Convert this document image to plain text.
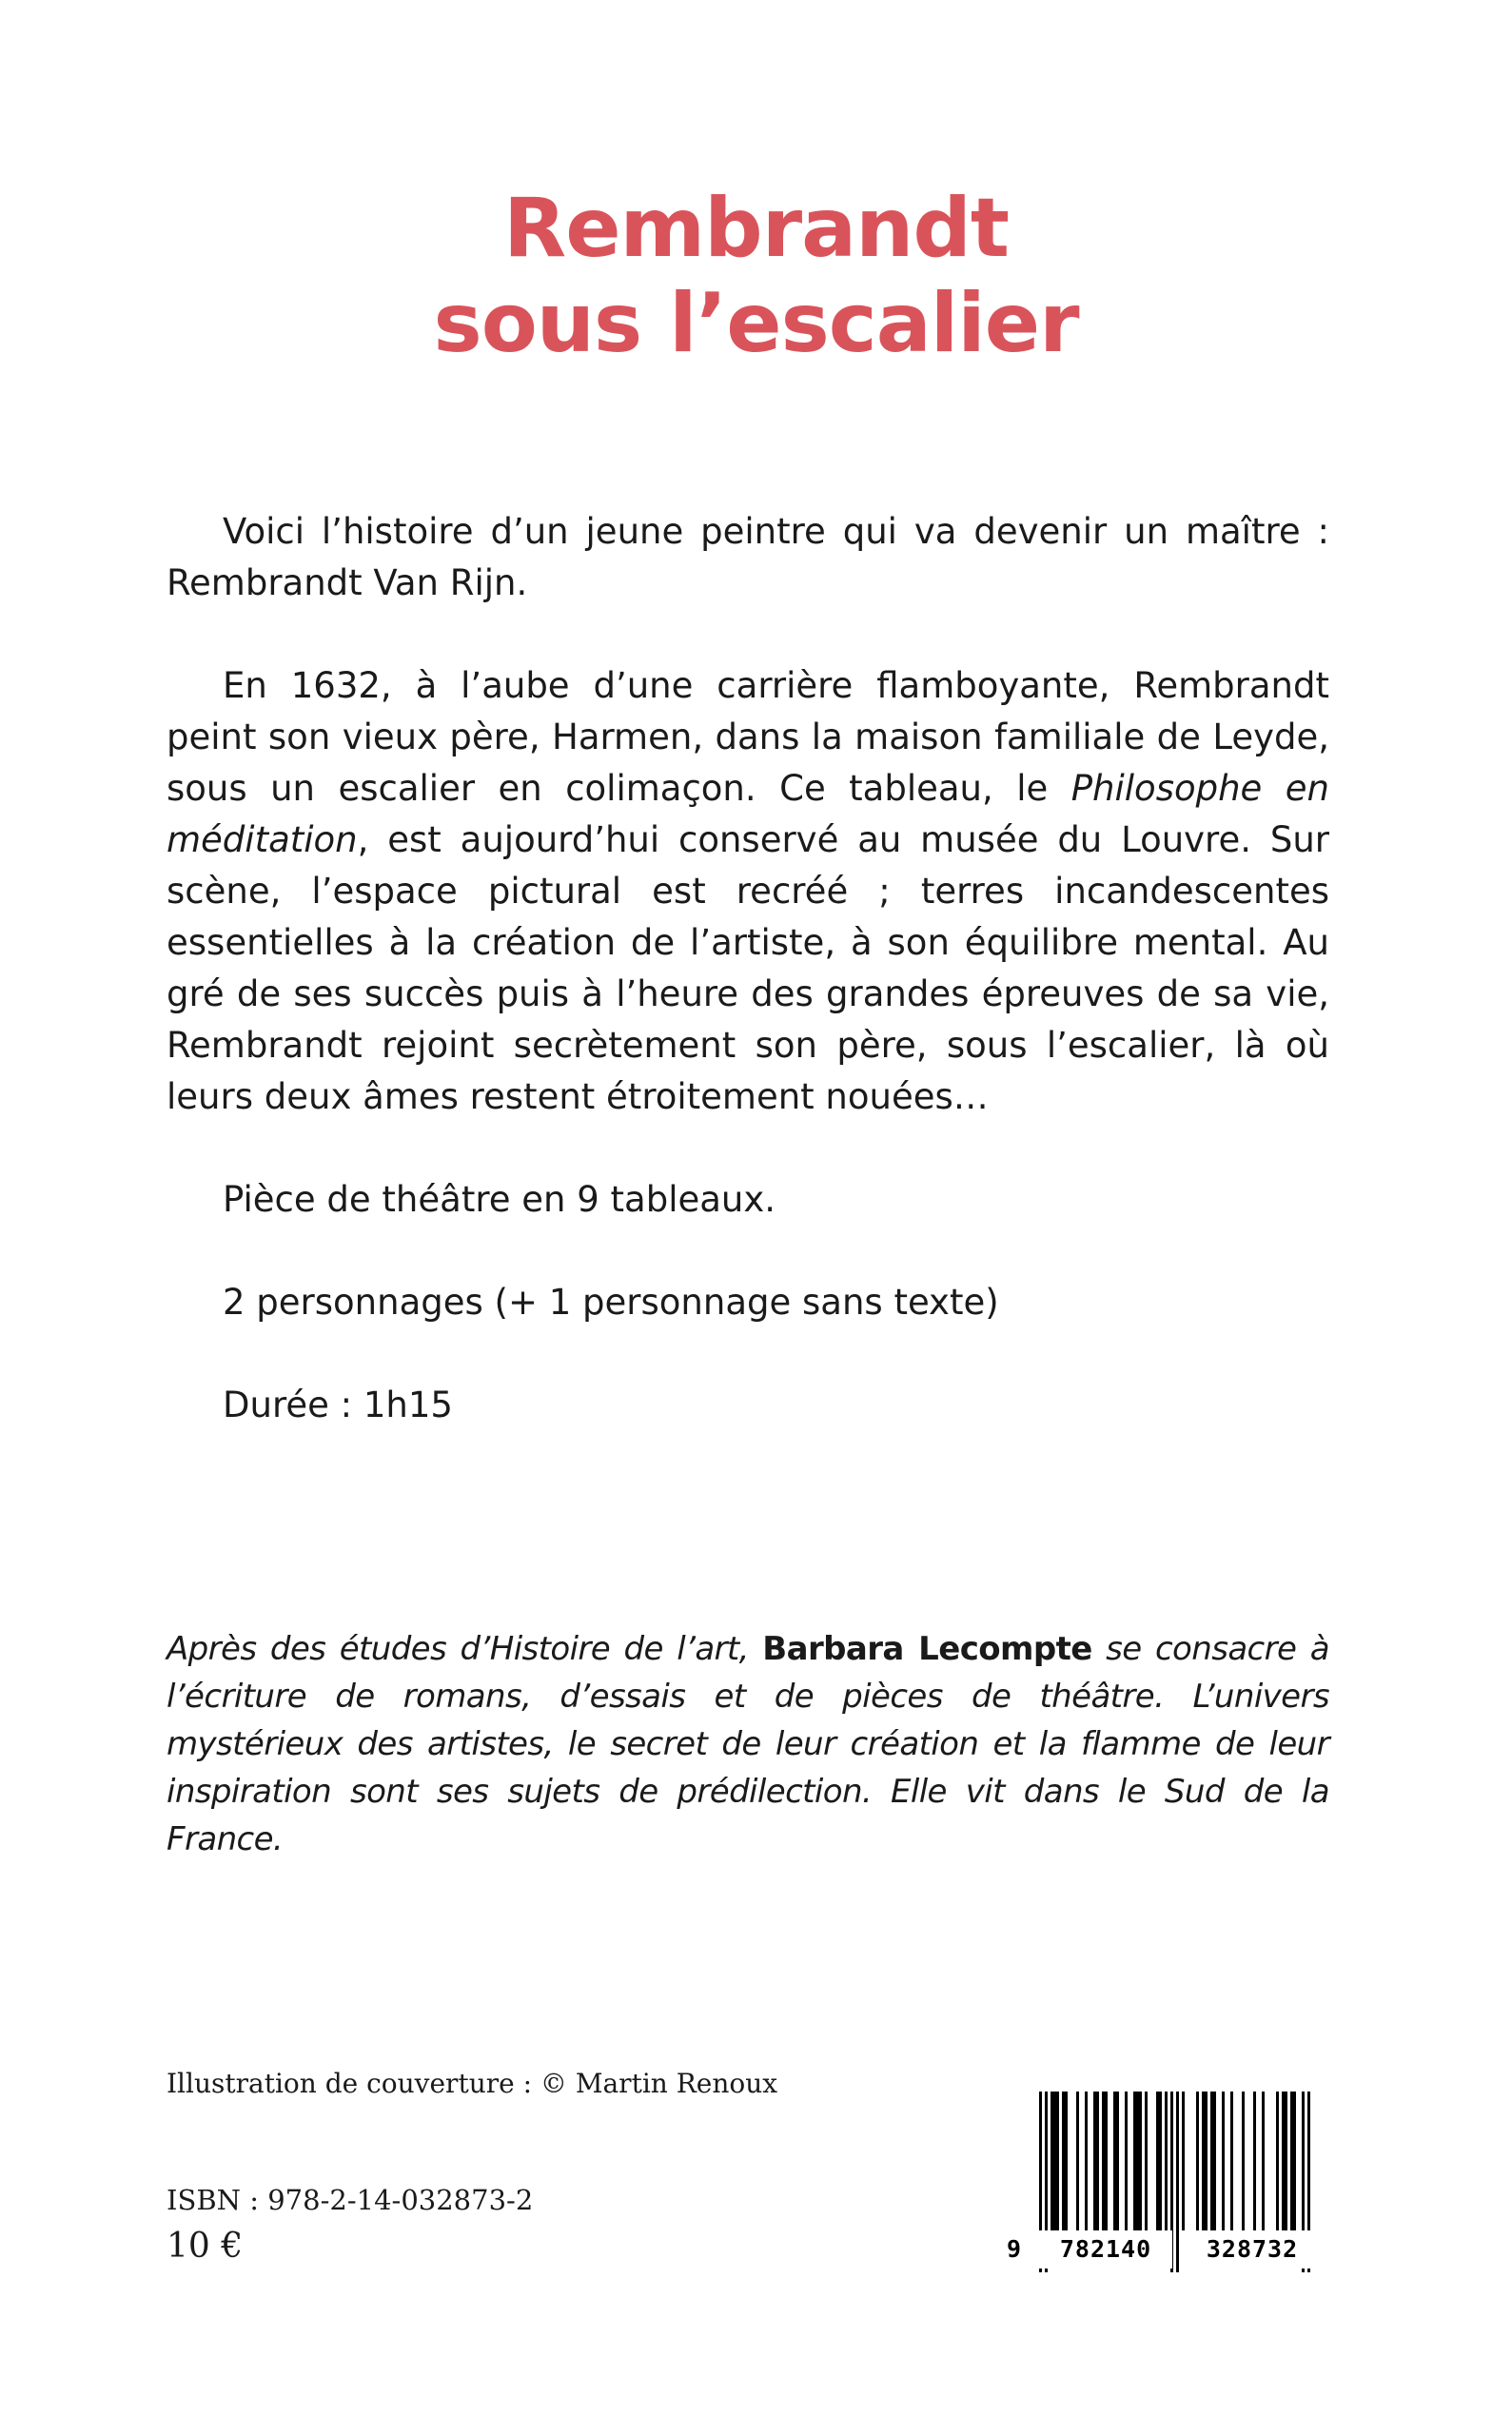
Rembrandt
sous l’escalier

Voici l’histoire d’un jeune peintre qui va devenir un maître : Rembrandt Van Rijn.

En 1632, à l’aube d’une carrière flamboyante, Rembrandt peint son vieux père, Harmen, dans la maison familiale de Leyde, sous un escalier en colimaçon. Ce tableau, le Philosophe en méditation, est aujourd’hui conservé au musée du Louvre. Sur scène, l’espace pictural est recréé ; terres incandescentes essentielles à la création de l’artiste, à son équilibre mental. Au gré de ses succès puis à l’heure des grandes épreuves de sa vie, Rembrandt rejoint secrètement son père, sous l’escalier, là où leurs deux âmes restent étroitement nouées…

Pièce de théâtre en 9 tableaux.

2 personnages (+ 1 personnage sans texte)

Durée : 1h15

Après des études d’Histoire de l’art, Barbara Lecompte se consacre à l’écriture de romans, d’essais et de pièces de théâtre. L’univers mystérieux des artistes, le secret de leur création et la flamme de leur inspiration sont ses sujets de prédilection. Elle vit dans le Sud de la France.
Illustration de couverture : © Martin Renoux
ISBN : 978-2-14-032873-2
10 €	9	782140	328732
